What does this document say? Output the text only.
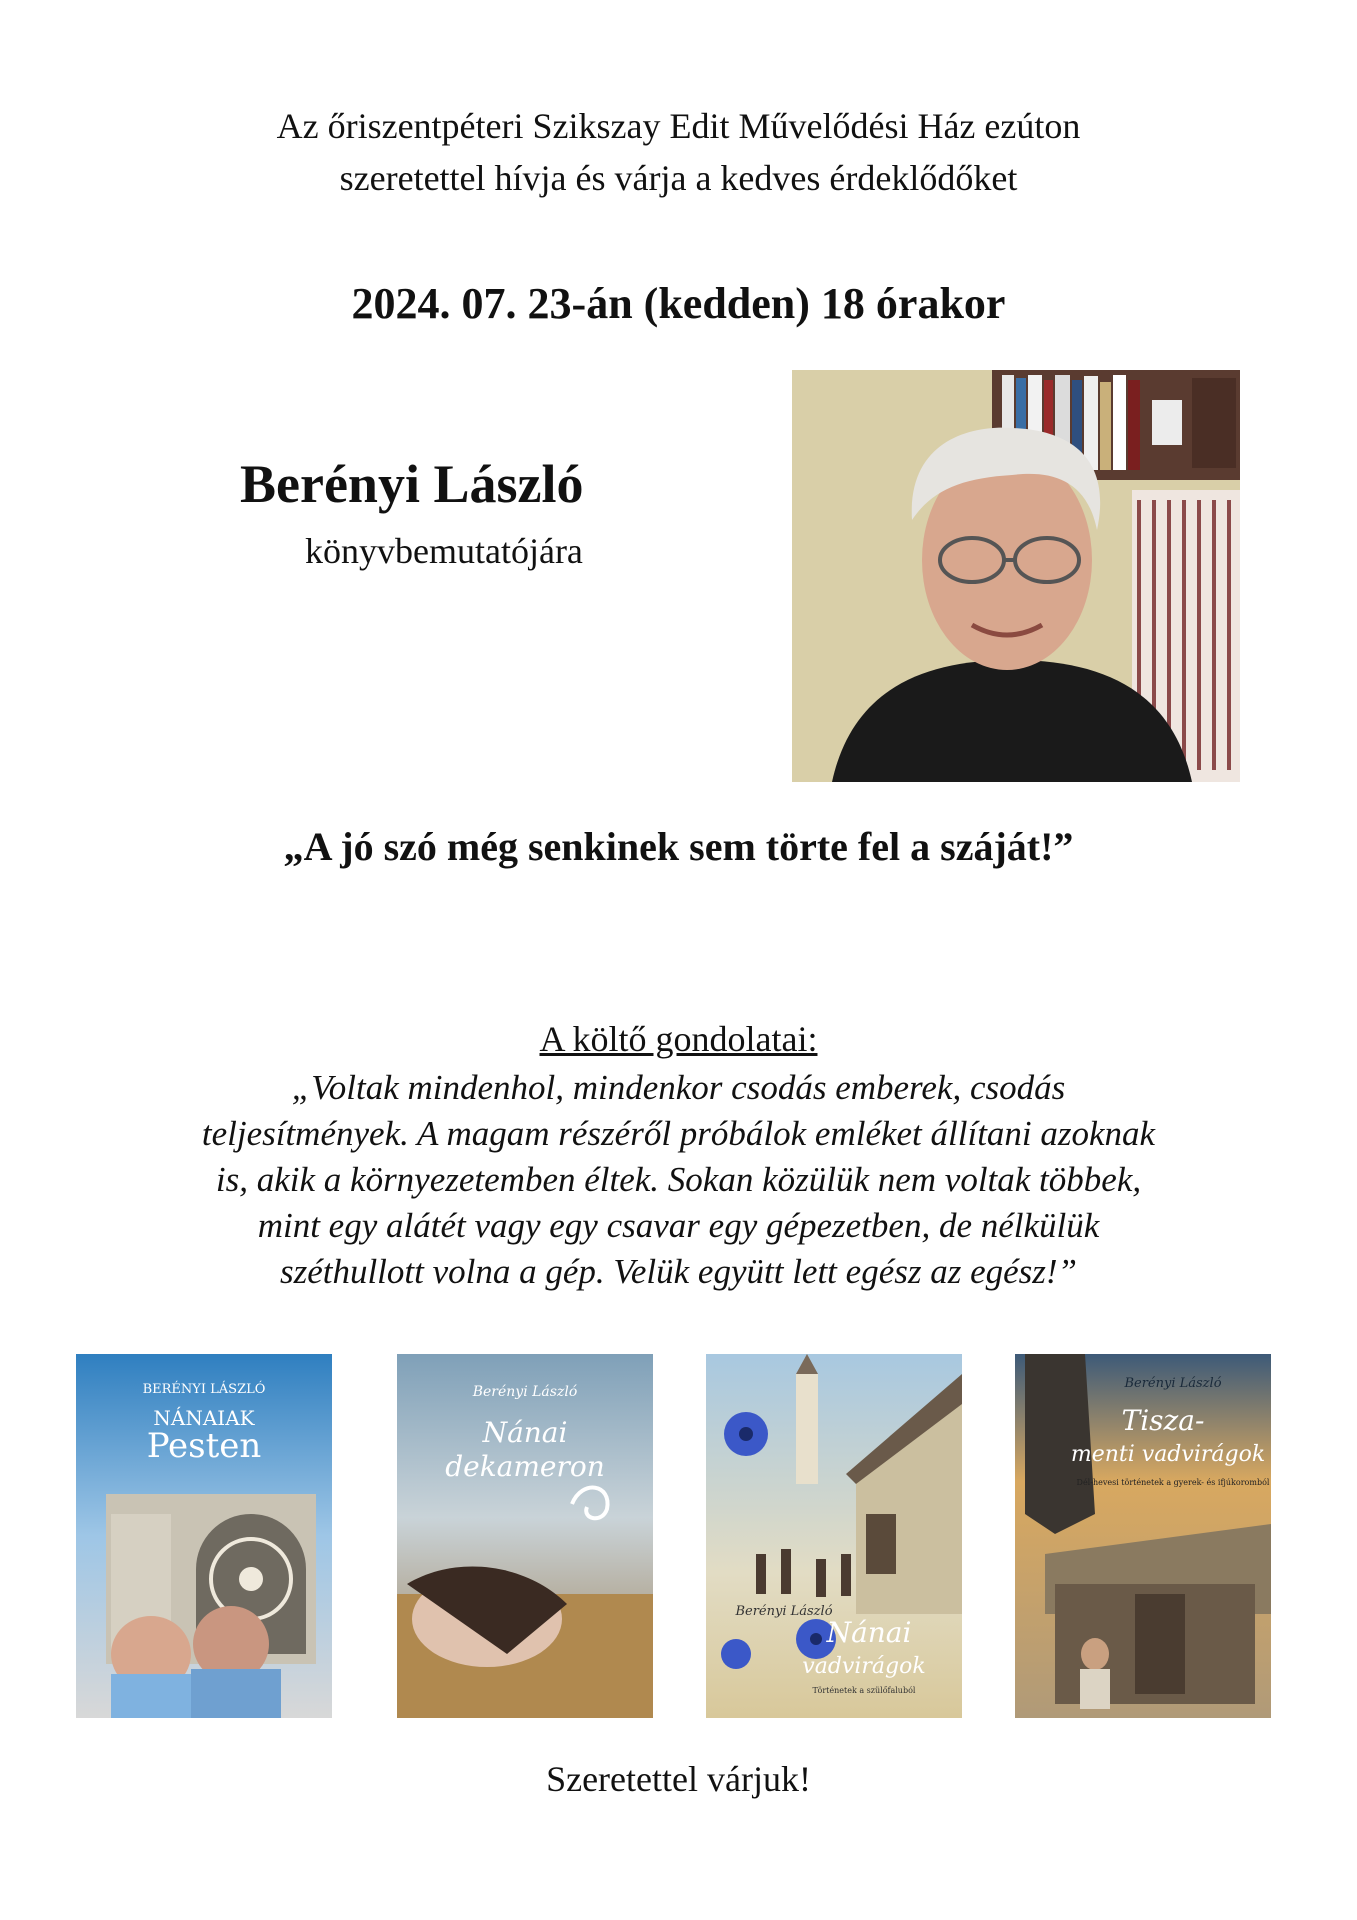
Az őriszentpéteri Szikszay Edit Művelődési Ház ezúton
szeretettel hívja és várja a kedves érdeklődőket
2024. 07. 23-án (kedden) 18 órakor
Berényi László
könyvbemutatójára
„A jó szó még senkinek sem törte fel a száját!”
A költő gondolatai:
„Voltak mindenhol, mindenkor csodás emberek, csodás
teljesítmények. A magam részéről próbálok emléket állítani azoknak
is, akik a környezetemben éltek. Sokan közülük nem voltak többek,
mint egy alátét vagy egy csavar egy gépezetben, de nélkülük
széthullott volna a gép. Velük együtt lett egész az egész!”
BERÉNYI LÁSZLÓ
NÁNAIAK
Pesten
Berényi László
Nánai
dekameron
Berényi László
Nánai
vadvirágok
Történetek a szülőfaluból
Berényi László
Tisza-
menti vadvirágok
Dél-hevesi történetek a gyerek- és ifjúkoromból
Szeretettel várjuk!
